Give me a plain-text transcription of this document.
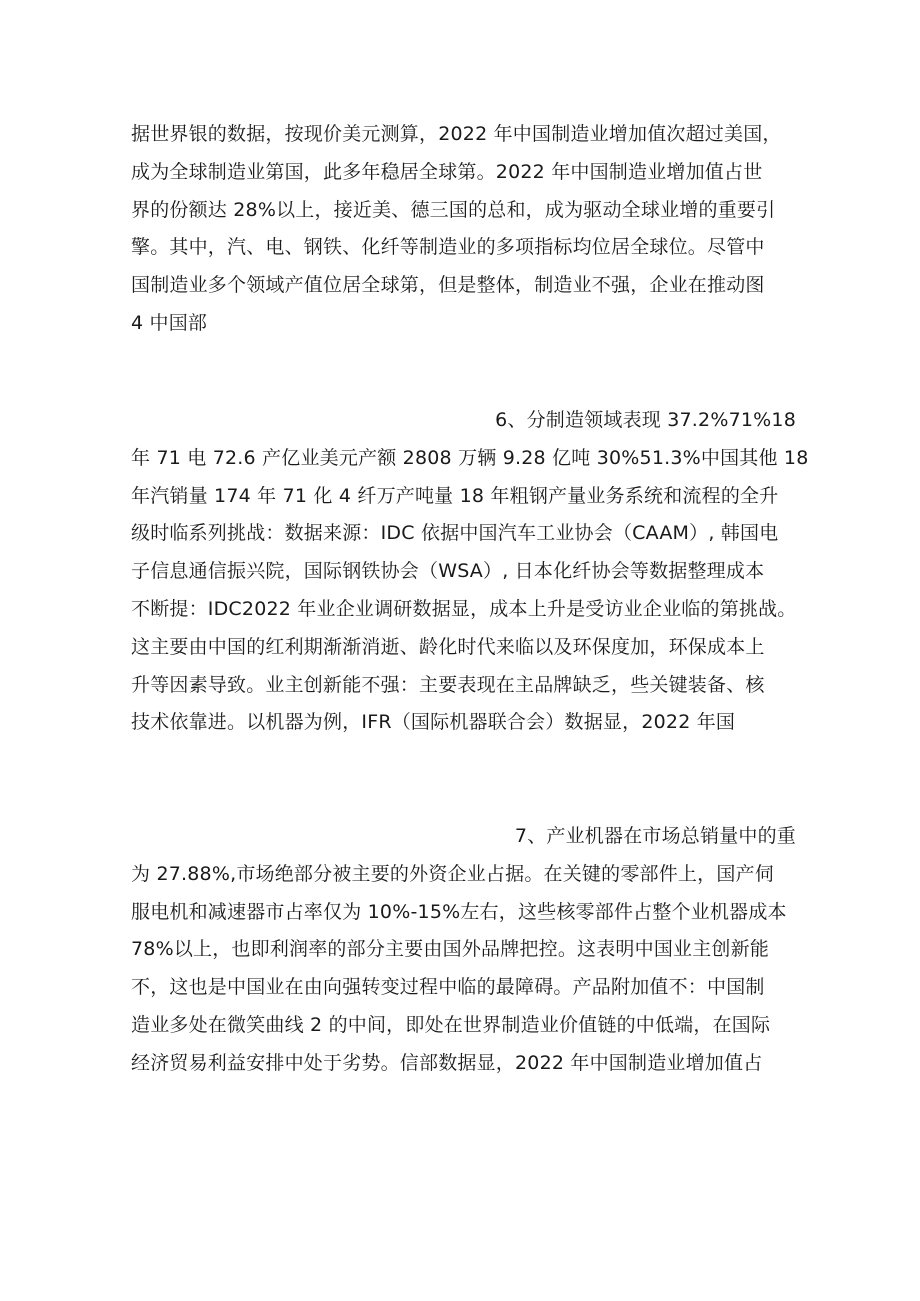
据世界银的数据，按现价美元测算，2022 年中国制造业增加值次超过美国，
成为全球制造业第国，此多年稳居全球第。2022 年中国制造业增加值占世
界的份额达 28%以上，接近美、德三国的总和，成为驱动全球业增的重要引
擎。其中，汽、电、钢铁、化纤等制造业的多项指标均位居全球位。尽管中
国制造业多个领域产值位居全球第，但是整体，制造业不强，企业在推动图
4 中国部
6、分制造领域表现 37.2%71%18
年 71 电 72.6 产亿业美元产额 2808 万辆 9.28 亿吨 30%51.3%中国其他 18
年汽销量 174 年 71 化 4 纤万产吨量 18 年粗钢产量业务系统和流程的全升
级时临系列挑战：数据来源：IDC 依据中国汽车工业协会（CAAM）, 韩国电
子信息通信振兴院，国际钢铁协会（WSA）, 日本化纤协会等数据整理成本
不断提：IDC2022 年业企业调研数据显，成本上升是受访业企业临的第挑战。
这主要由中国的红利期渐渐消逝、龄化时代来临以及环保度加，环保成本上
升等因素导致。业主创新能不强：主要表现在主品牌缺乏，些关键装备、核
技术依靠进。以机器为例，IFR（国际机器联合会）数据显，2022 年国
7、产业机器在市场总销量中的重
为 27.88%,市场绝部分被主要的外资企业占据。在关键的零部件上，国产伺
服电机和减速器市占率仅为 10%-15%左右，这些核零部件占整个业机器成本
78%以上，也即利润率的部分主要由国外品牌把控。这表明中国业主创新能
不，这也是中国业在由向强转变过程中临的最障碍。产品附加值不：中国制
造业多处在微笑曲线 2 的中间，即处在世界制造业价值链的中低端，在国际
经济贸易利益安排中处于劣势。信部数据显，2022 年中国制造业增加值占
